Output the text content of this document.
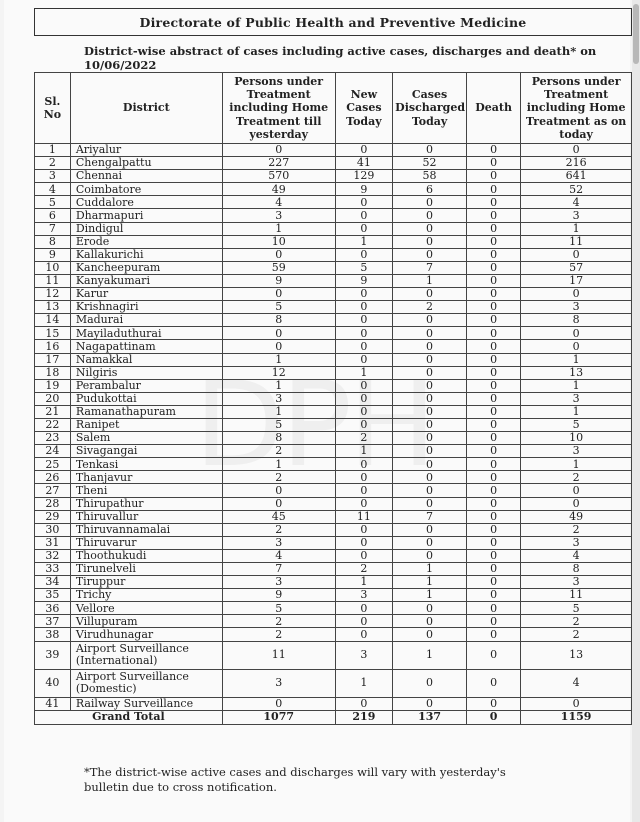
Directorate of Public Health and Preventive Medicine
District-wise abstract of cases including active cases, discharges and death* on
10/06/2022
Sl. No	District	Persons under Treatment including Home Treatment till yesterday	New Cases Today	Cases Discharged Today	Death	Persons under Treatment including Home Treatment as on today
1	Ariyalur	0	0	0	0	0
2	Chengalpattu	227	41	52	0	216
3	Chennai	570	129	58	0	641
4	Coimbatore	49	9	6	0	52
5	Cuddalore	4	0	0	0	4
6	Dharmapuri	3	0	0	0	3
7	Dindigul	1	0	0	0	1
8	Erode	10	1	0	0	11
9	Kallakurichi	0	0	0	0	0
10	Kancheepuram	59	5	7	0	57
11	Kanyakumari	9	9	1	0	17
12	Karur	0	0	0	0	0
13	Krishnagiri	5	0	2	0	3
14	Madurai	8	0	0	0	8
15	Mayiladuthurai	0	0	0	0	0
16	Nagapattinam	0	0	0	0	0
17	Namakkal	1	0	0	0	1
18	Nilgiris	12	1	0	0	13
19	Perambalur	1	0	0	0	1
20	Pudukottai	3	0	0	0	3
21	Ramanathapuram	1	0	0	0	1
22	Ranipet	5	0	0	0	5
23	Salem	8	2	0	0	10
24	Sivagangai	2	1	0	0	3
25	Tenkasi	1	0	0	0	1
26	Thanjavur	2	0	0	0	2
27	Theni	0	0	0	0	0
28	Thirupathur	0	0	0	0	0
29	Thiruvallur	45	11	7	0	49
30	Thiruvannamalai	2	0	0	0	2
31	Thiruvarur	3	0	0	0	3
32	Thoothukudi	4	0	0	0	4
33	Tirunelveli	7	2	1	0	8
34	Tiruppur	3	1	1	0	3
35	Trichy	9	3	1	0	11
36	Vellore	5	0	0	0	5
37	Villupuram	2	0	0	0	2
38	Virudhunagar	2	0	0	0	2
39	Airport Surveillance
(International)	11	3	1	0	13
40	Airport Surveillance
(Domestic)	3	1	0	0	4
41	Railway Surveillance	0	0	0	0	0
Grand Total		1077	219	137	0	1159
*The district-wise active cases and discharges will vary with yesterday's
bulletin due to cross notification.
